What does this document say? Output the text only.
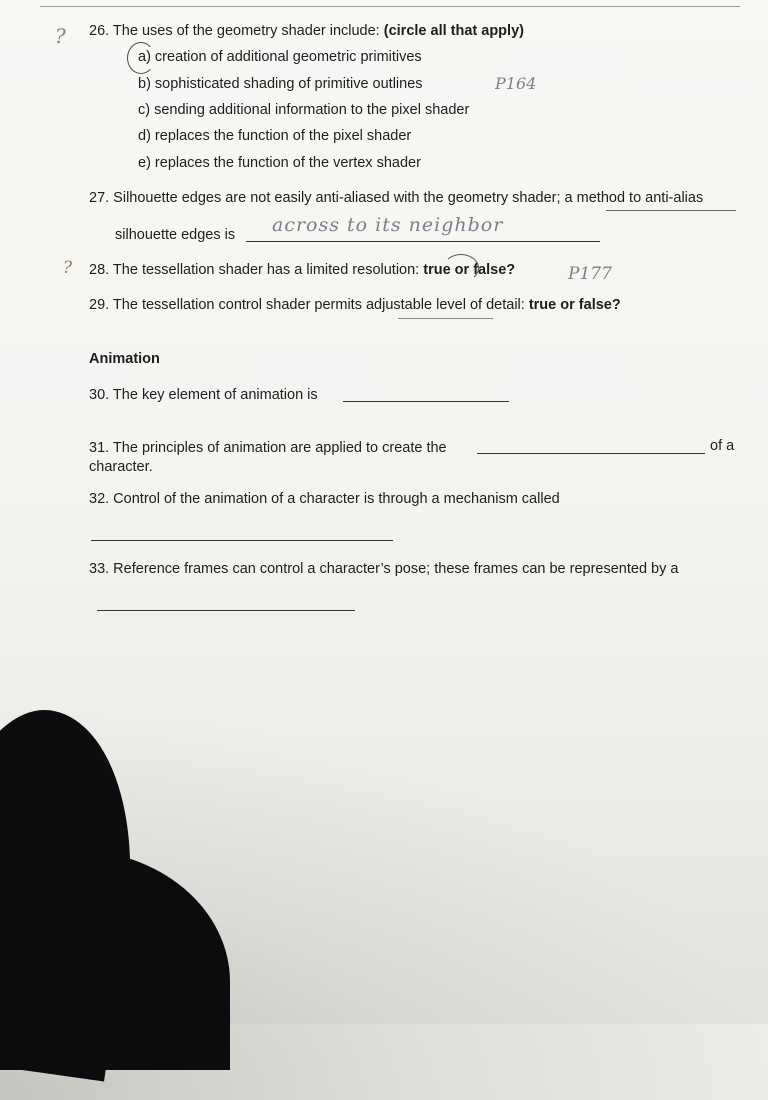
? 26. The uses of the geometry shader include: (circle all that apply)
a) creation of additional geometric primitives
b) sophisticated shading of primitive outlines
c) sending additional information to the pixel shader
d) replaces the function of the pixel shader
e) replaces the function of the vertex shader
P164
27. Silhouette edges are not easily anti-aliased with the geometry shader; a method to anti-alias
silhouette edges is across to its neighbor
? 28. The tessellation shader has a limited resolution: true or false?	P177
29. The tessellation control shader permits adjustable level of detail: true or false?
Animation
30. The key element of animation is
31. The principles of animation are applied to create the	of a
character.
32. Control of the animation of a character is through a mechanism called
33. Reference frames can control a character’s pose; these frames can be represented by a
